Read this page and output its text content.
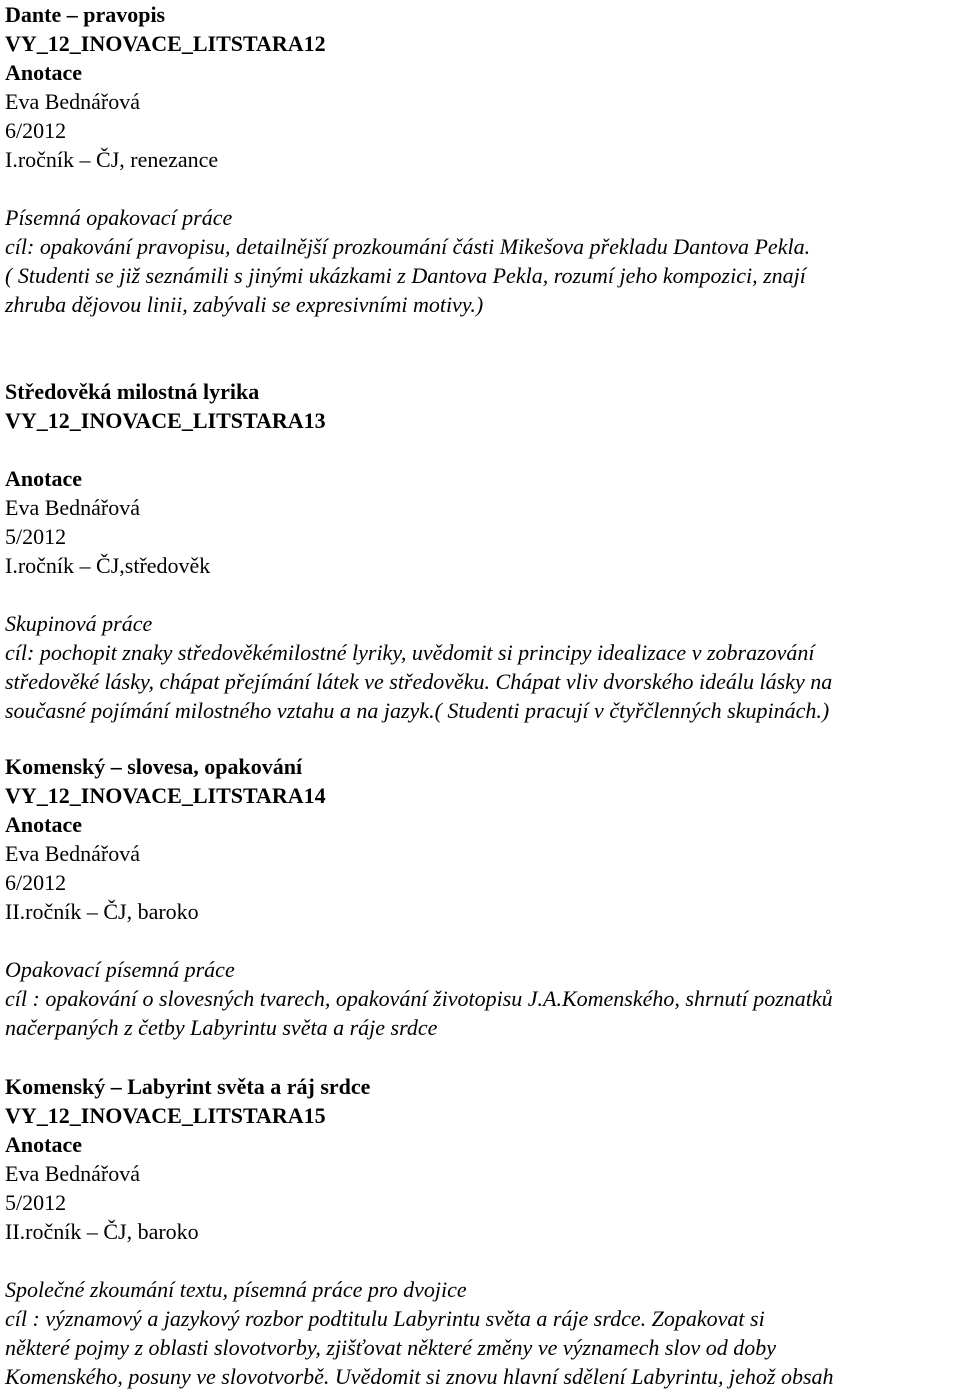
Dante – pravopis
VY_12_INOVACE_LITSTARA12
Anotace
Eva Bednářová
6/2012
I.ročník – ČJ, renezance
Písemná opakovací práce
cíl: opakování pravopisu, detailnější prozkoumání části Mikešova překladu Dantova Pekla.
( Studenti se již seznámili s jinými ukázkami z Dantova Pekla, rozumí jeho kompozici, znají
zhruba dějovou linii, zabývali se expresivními motivy.)
Středověká milostná lyrika
VY_12_INOVACE_LITSTARA13
Anotace
Eva Bednářová
5/2012
I.ročník – ČJ,středověk
Skupinová práce
cíl: pochopit znaky středověkémilostné lyriky, uvědomit si principy idealizace v zobrazování
středověké lásky, chápat přejímání látek ve středověku. Chápat vliv dvorského ideálu lásky na
současné pojímání milostného vztahu a na jazyk.( Studenti pracují v čtyřčlenných skupinách.)
Komenský – slovesa, opakování
VY_12_INOVACE_LITSTARA14
Anotace
Eva Bednářová
6/2012
II.ročník – ČJ, baroko
Opakovací písemná práce
cíl : opakování o slovesných tvarech, opakování životopisu J.A.Komenského, shrnutí poznatků
načerpaných z četby Labyrintu světa a ráje srdce
Komenský – Labyrint světa a ráj srdce
VY_12_INOVACE_LITSTARA15
Anotace
Eva Bednářová
5/2012
II.ročník – ČJ, baroko
Společné zkoumání textu, písemná práce pro dvojice
cíl : významový a jazykový rozbor podtitulu Labyrintu světa a ráje srdce. Zopakovat si
některé pojmy z oblasti slovotvorby, zjišťovat některé změny ve významech slov od doby
Komenského, posuny ve slovotvorbě. Uvědomit si znovu hlavní sdělení Labyrintu, jehož obsah
